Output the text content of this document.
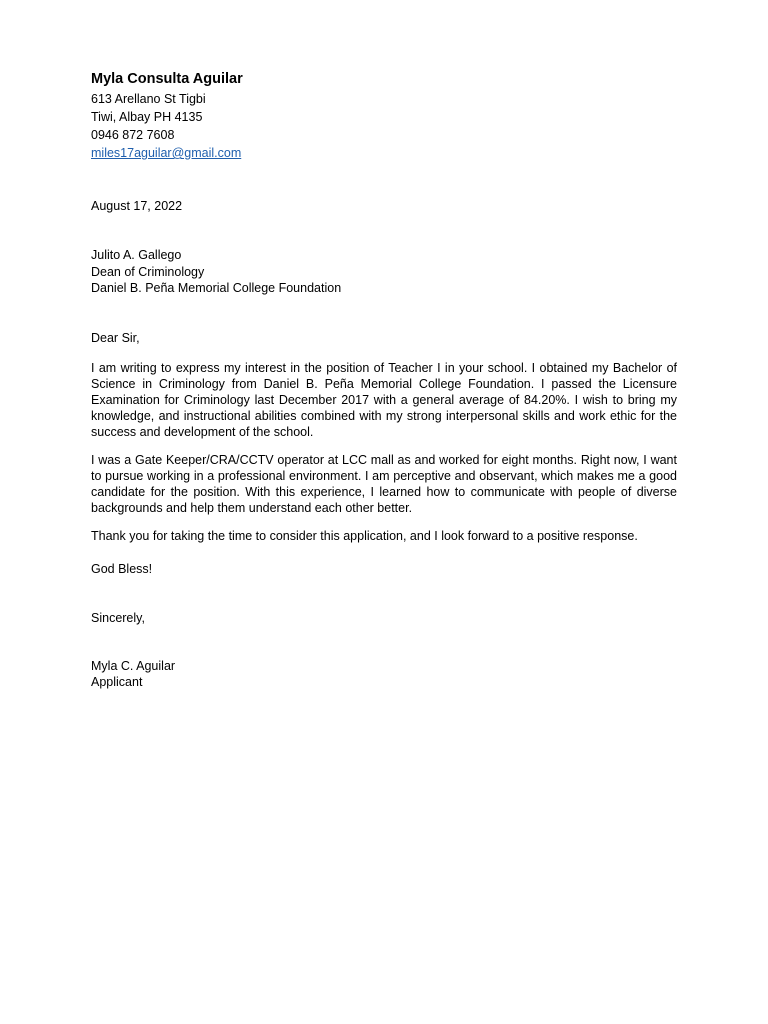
Myla Consulta Aguilar
613 Arellano St Tigbi
Tiwi, Albay PH 4135
0946 872 7608
miles17aguilar@gmail.com
August 17, 2022
Julito A. Gallego
Dean of Criminology
Daniel B. Peña Memorial College Foundation
Dear Sir,

I am writing to express my interest in the position of Teacher I in your school. I obtained my Bachelor of Science in Criminology from Daniel B. Peña Memorial College Foundation. I passed the Licensure Examination for Criminology last December 2017 with a general average of 84.20%. I wish to bring my knowledge, and instructional abilities combined with my strong interpersonal skills and work ethic for the success and development of the school.

I was a Gate Keeper/CRA/CCTV operator at LCC mall as and worked for eight months. Right now, I want to pursue working in a professional environment. I am perceptive and observant, which makes me a good candidate for the position. With this experience, I learned how to communicate with people of diverse backgrounds and help them understand each other better.

Thank you for taking the time to consider this application, and I look forward to a positive response.

God Bless!
Sincerely,
Myla C. Aguilar
Applicant
